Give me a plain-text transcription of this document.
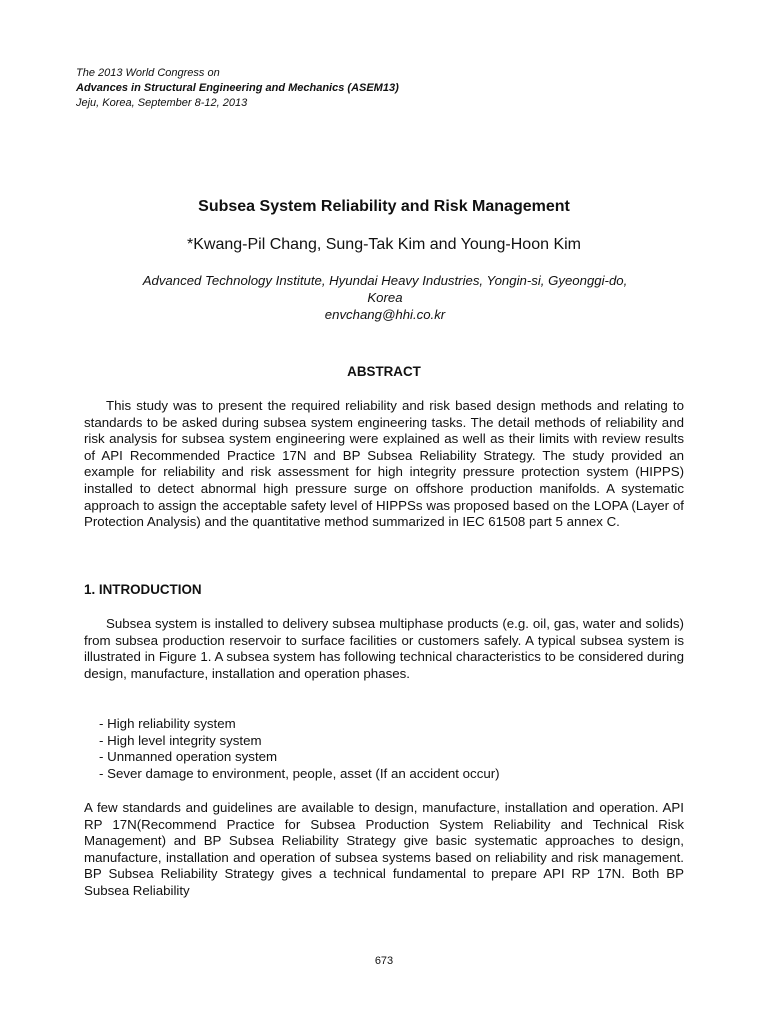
The 2013 World Congress on
Advances in Structural Engineering and Mechanics (ASEM13)
Jeju, Korea, September 8-12, 2013
Subsea System Reliability and Risk Management
*Kwang-Pil Chang, Sung-Tak Kim and Young-Hoon Kim
Advanced Technology Institute, Hyundai Heavy Industries, Yongin-si, Gyeonggi-do,
Korea
envchang@hhi.co.kr
ABSTRACT
This study was to present the required reliability and risk based design methods and relating to standards to be asked during subsea system engineering tasks. The detail methods of reliability and risk analysis for subsea system engineering were explained as well as their limits with review results of API Recommended Practice 17N and BP Subsea Reliability Strategy. The study provided an example for reliability and risk assessment for high integrity pressure protection system (HIPPS) installed to detect abnormal high pressure surge on offshore production manifolds. A systematic approach to assign the acceptable safety level of HIPPSs was proposed based on the LOPA (Layer of Protection Analysis) and the quantitative method summarized in IEC 61508 part 5 annex C.
1. INTRODUCTION
Subsea system is installed to delivery subsea multiphase products (e.g. oil, gas, water and solids) from subsea production reservoir to surface facilities or customers safely. A typical subsea system is illustrated in Figure 1. A subsea system has following technical characteristics to be considered during design, manufacture, installation and operation phases.
- High reliability system
- High level integrity system
- Unmanned operation system
- Sever damage to environment, people, asset (If an accident occur)
A few standards and guidelines are available to design, manufacture, installation and operation. API RP 17N(Recommend Practice for Subsea Production System Reliability and Technical Risk Management) and BP Subsea Reliability Strategy give basic systematic approaches to design, manufacture, installation and operation of subsea systems based on reliability and risk management. BP Subsea Reliability Strategy gives a technical fundamental to prepare API RP 17N. Both BP Subsea Reliability
673
